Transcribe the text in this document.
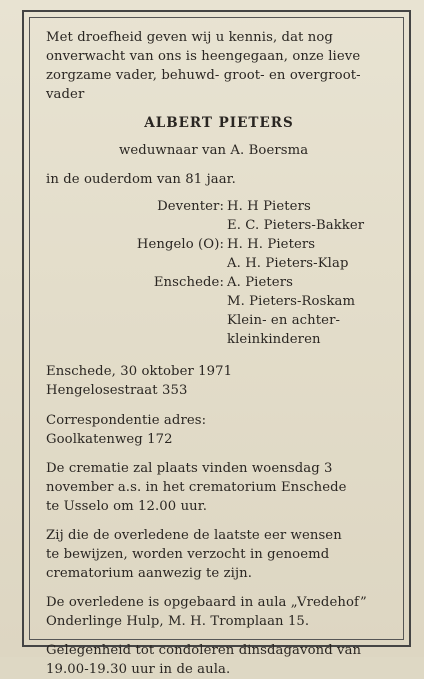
Met droefheid geven wij u kennis, dat nog

onverwacht van ons is heengegaan, onze lieve

zorgzame vader, behuwd- groot- en overgroot-

vader

ALBERT PIETERS

weduwnaar van A. Boersma

in de ouderdom van 81 jaar.

Deventer: H. H Pieters
E. C. Pieters-Bakker
Hengelo (O): H. H. Pieters
A. H. Pieters-Klap
Enschede: A. Pieters
M. Pieters-Roskam
Klein- en achter-
kleinkinderen

Enschede, 30 oktober 1971

Hengelosestraat 353

Correspondentie adres:

Goolkatenweg 172

De crematie zal plaats vinden woensdag 3

november a.s. in het crematorium Enschede

te Usselo om 12.00 uur.

Zij die de overledene de laatste eer wensen

te bewijzen, worden verzocht in genoemd

crematorium aanwezig te zijn.

De overledene is opgebaard in aula „Vredehof”

Onderlinge Hulp, M. H. Tromplaan 15.

Gelegenheid tot condoleren dinsdagavond van

19.00-19.30 uur in de aula.
